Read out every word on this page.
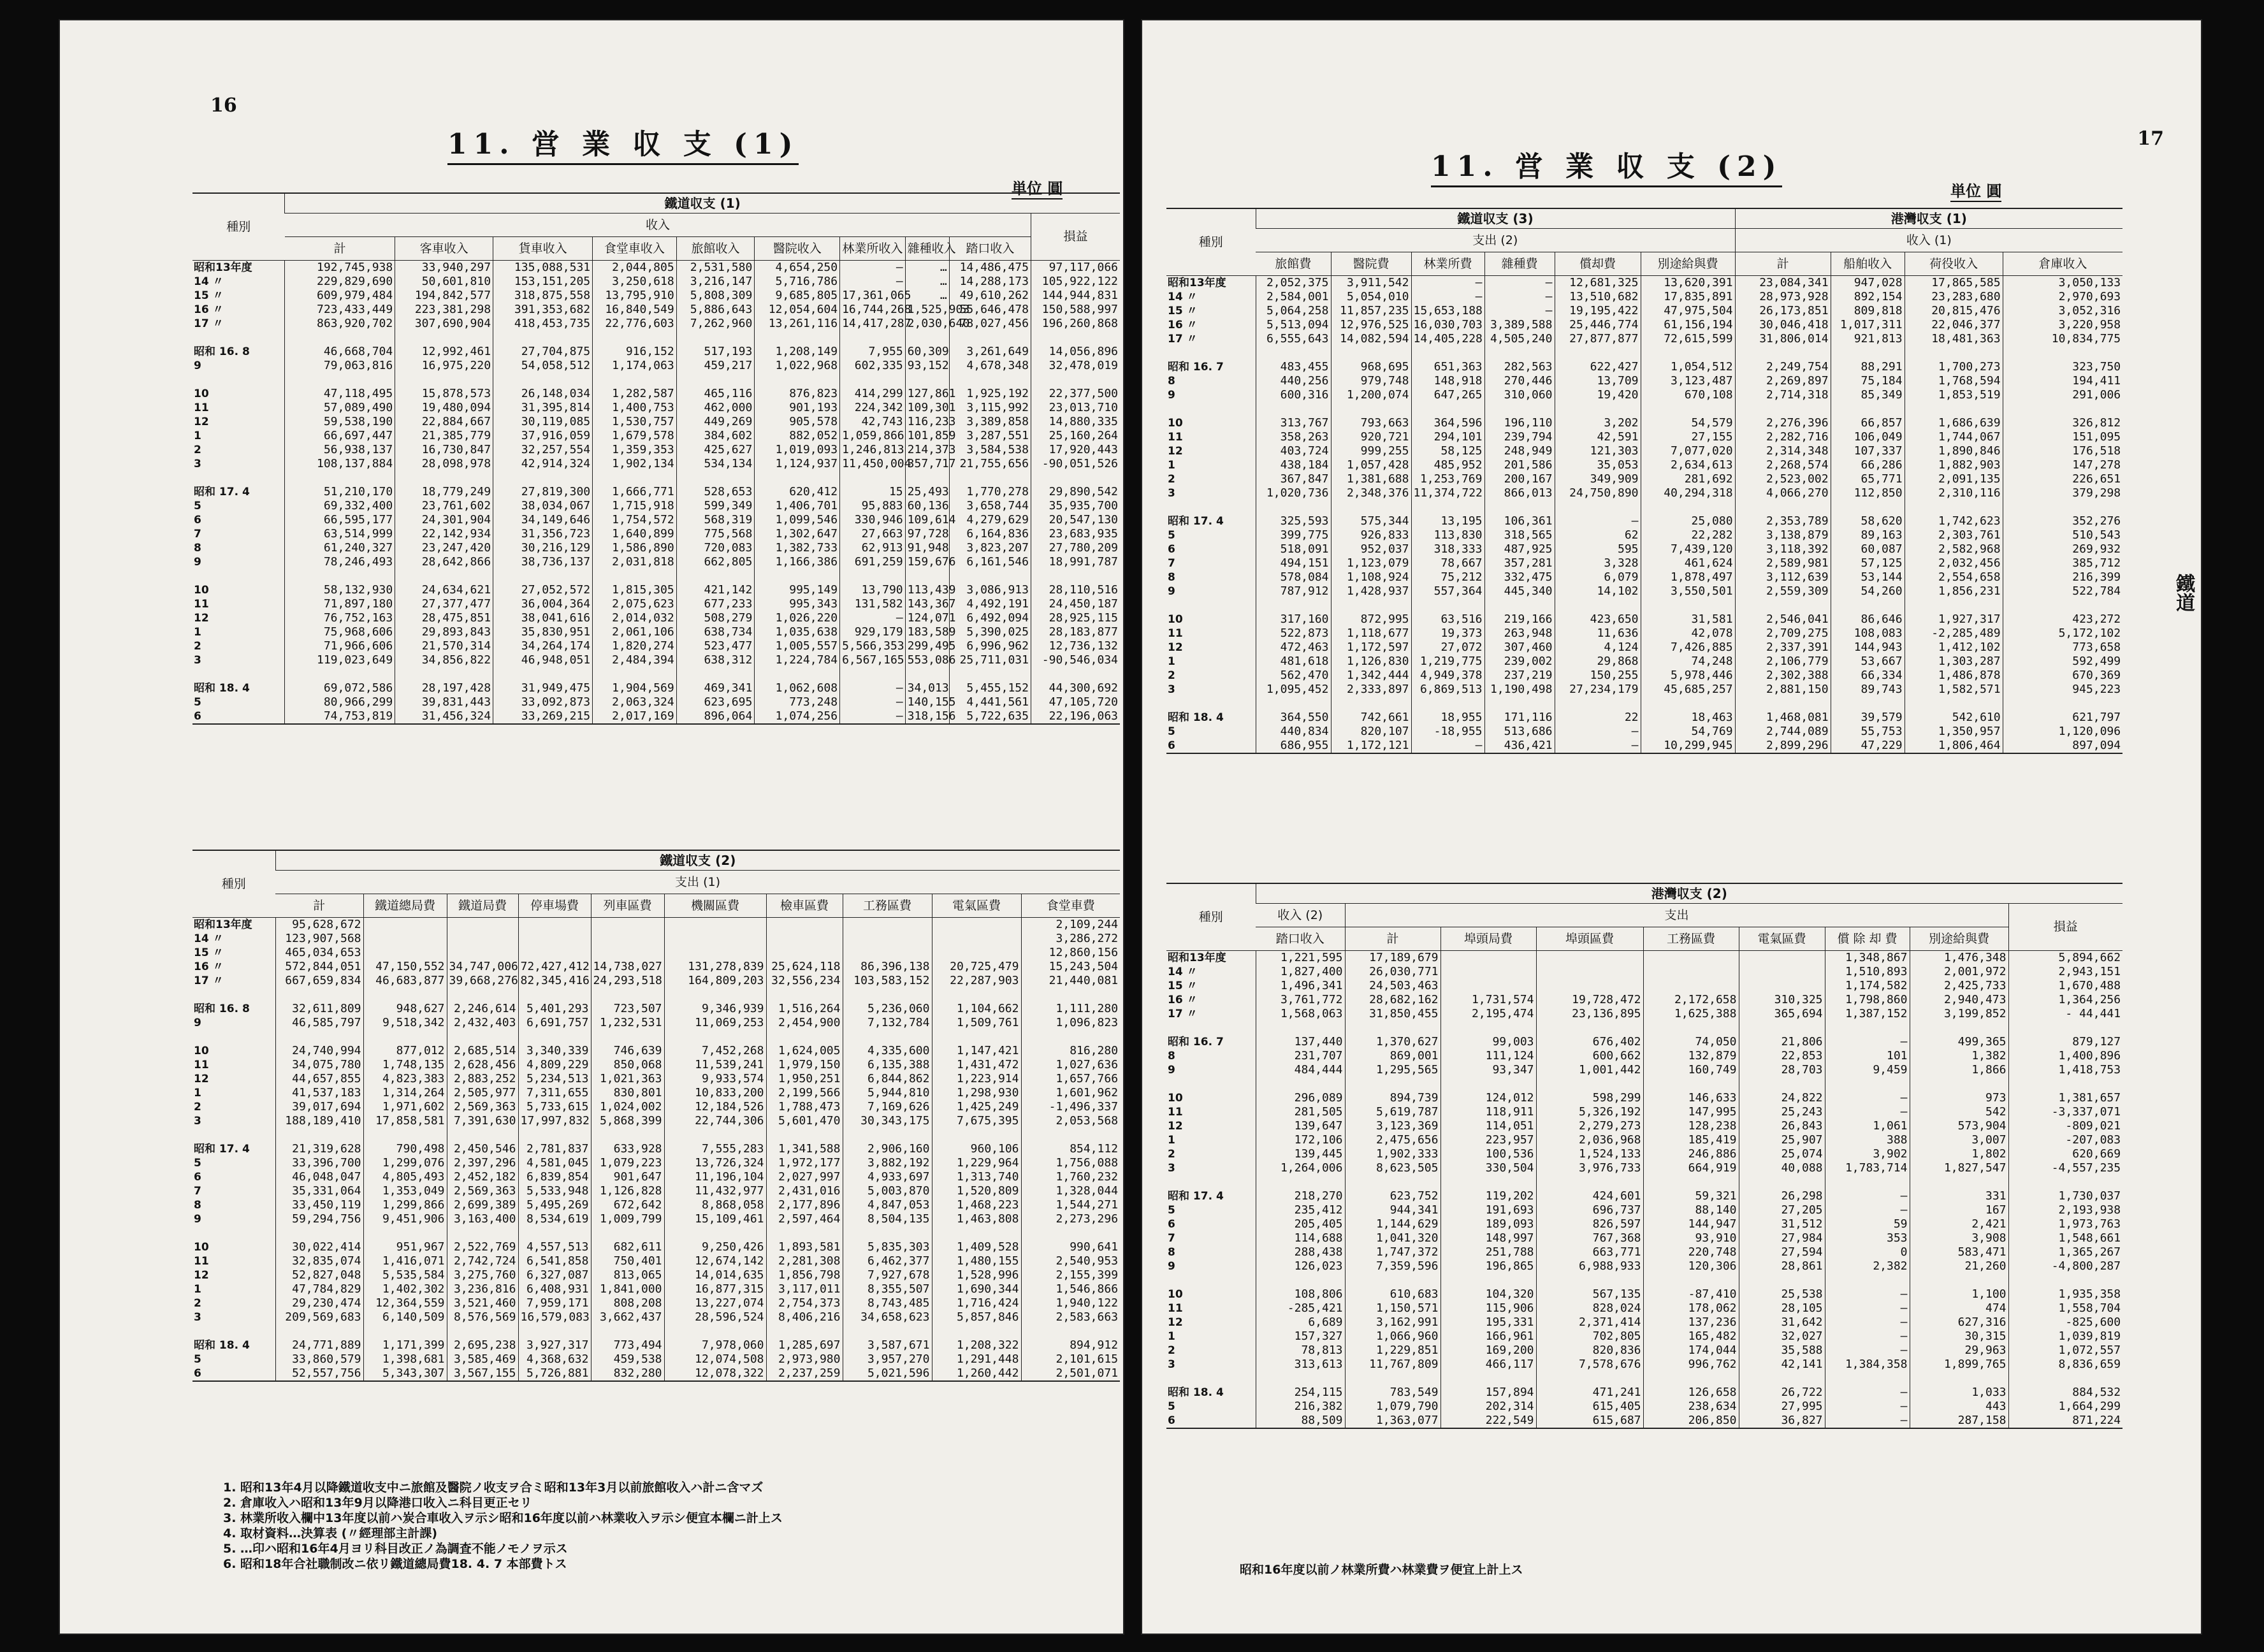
16
11. 営 業 収 支 (1)
単位 圓
種別	鐵道収支 (1)									
	收入									損益
	計	客車收入	貨車收入	食堂車收入	旅館收入	醫院收入	林業所收入	雜種收入	踏口收入	
昭和13年度	192,745,938	33,940,297	135,088,531	2,044,805	2,531,580	4,654,250	—	…	14,486,475	97,117,066
14 〃	229,829,690	50,601,810	153,151,205	3,250,618	3,216,147	5,716,786	—	…	14,288,173	105,922,122
15 〃	609,979,484	194,842,577	318,875,558	13,795,910	5,808,309	9,685,805	17,361,065	…	49,610,262	144,944,831
16 〃	723,433,449	223,381,298	391,353,682	16,840,549	5,886,643	12,054,604	16,744,268	1,525,903	55,646,478	150,588,997
17 〃	863,920,702	307,690,904	418,453,735	22,776,603	7,262,960	13,261,116	14,417,287	2,030,640	78,027,456	196,260,868

昭和 16. 8	46,668,704	12,992,461	27,704,875	916,152	517,193	1,208,149	7,955	60,309	3,261,649	14,056,896
9	79,063,816	16,975,220	54,058,512	1,174,063	459,217	1,022,968	602,335	93,152	4,678,348	32,478,019

10	47,118,495	15,878,573	26,148,034	1,282,587	465,116	876,823	414,299	127,861	1,925,192	22,377,500
11	57,089,490	19,480,094	31,395,814	1,400,753	462,000	901,193	224,342	109,301	3,115,992	23,013,710
12	59,538,190	22,884,667	30,119,085	1,530,757	449,269	905,578	42,743	116,233	3,389,858	14,880,335
1	66,697,447	21,385,779	37,916,059	1,679,578	384,602	882,052	1,059,866	101,859	3,287,551	25,160,264
2	56,938,137	16,730,847	32,257,554	1,359,353	425,627	1,019,093	1,246,813	214,373	3,584,538	17,920,443
3	108,137,884	28,098,978	42,914,324	1,902,134	534,134	1,124,937	11,450,004	357,717	21,755,656	-90,051,526

昭和 17. 4	51,210,170	18,779,249	27,819,300	1,666,771	528,653	620,412	15	25,493	1,770,278	29,890,542
5	69,332,400	23,761,602	38,034,067	1,715,918	599,349	1,406,701	95,883	60,136	3,658,744	35,935,700
6	66,595,177	24,301,904	34,149,646	1,754,572	568,319	1,099,546	330,946	109,614	4,279,629	20,547,130
7	63,514,999	22,142,934	31,356,723	1,640,899	775,568	1,302,647	27,663	97,728	6,164,836	23,683,935
8	61,240,327	23,247,420	30,216,129	1,586,890	720,083	1,382,733	62,913	91,948	3,823,207	27,780,209
9	78,246,493	28,642,866	38,736,137	2,031,818	662,805	1,166,386	691,259	159,676	6,161,546	18,991,787

10	58,132,930	24,634,621	27,052,572	1,815,305	421,142	995,149	13,790	113,439	3,086,913	28,110,516
11	71,897,180	27,377,477	36,004,364	2,075,623	677,233	995,343	131,582	143,367	4,492,191	24,450,187
12	76,752,163	28,475,851	38,041,616	2,014,032	508,279	1,026,220	—	124,071	6,492,094	28,925,115
1	75,968,606	29,893,843	35,830,951	2,061,106	638,734	1,035,638	929,179	183,589	5,390,025	28,183,877
2	71,966,606	21,570,314	34,264,174	1,820,274	523,477	1,005,557	5,566,353	299,495	6,996,962	12,736,132
3	119,023,649	34,856,822	46,948,051	2,484,394	638,312	1,224,784	6,567,165	553,086	25,711,031	-90,546,034

昭和 18. 4	69,072,586	28,197,428	31,949,475	1,904,569	469,341	1,062,608	—	34,013	5,455,152	44,300,692
5	80,966,299	39,831,443	33,092,873	2,063,324	623,695	773,248	—	140,155	4,441,561	47,105,720
6	74,753,819	31,456,324	33,269,215	2,017,169	896,064	1,074,256	—	318,156	5,722,635	22,196,063
種別	鐵道収支 (2)									
	支出 (1)									
	計	鐵道總局費	鐵道局費	停車場費	列車區費	機關區費	檢車區費	工務區費	電氣區費	食堂車費
昭和13年度	95,628,672									2,109,244
14 〃	123,907,568									3,286,272
15 〃	465,034,653									12,860,156
16 〃	572,844,051	47,150,552	34,747,006	72,427,412	14,738,027	131,278,839	25,624,118	86,396,138	20,725,479	15,243,504
17 〃	667,659,834	46,683,877	39,668,276	82,345,416	24,293,518	164,809,203	32,556,234	103,583,152	22,287,903	21,440,081

昭和 16. 8	32,611,809	948,627	2,246,614	5,401,293	723,507	9,346,939	1,516,264	5,236,060	1,104,662	1,111,280
9	46,585,797	9,518,342	2,432,403	6,691,757	1,232,531	11,069,253	2,454,900	7,132,784	1,509,761	1,096,823

10	24,740,994	877,012	2,685,514	3,340,339	746,639	7,452,268	1,624,005	4,335,600	1,147,421	816,280
11	34,075,780	1,748,135	2,628,456	4,809,229	850,068	11,539,241	1,979,150	6,135,388	1,431,472	1,027,636
12	44,657,855	4,823,383	2,883,252	5,234,513	1,021,363	9,933,574	1,950,251	6,844,862	1,223,914	1,657,766
1	41,537,183	1,314,264	2,505,977	7,311,655	830,801	10,833,200	2,199,566	5,944,810	1,298,930	1,601,962
2	39,017,694	1,971,602	2,569,363	5,733,615	1,024,002	12,184,526	1,788,473	7,169,626	1,425,249	-1,496,337
3	188,189,410	17,858,581	7,391,630	17,997,832	5,868,399	22,744,306	5,601,470	30,343,175	7,675,395	2,053,568

昭和 17. 4	21,319,628	790,498	2,450,546	2,781,837	633,928	7,555,283	1,341,588	2,906,160	960,106	854,112
5	33,396,700	1,299,076	2,397,296	4,581,045	1,079,223	13,726,324	1,972,177	3,882,192	1,229,964	1,756,088
6	46,048,047	4,805,493	2,452,182	6,839,854	901,647	11,196,104	2,027,997	4,933,697	1,313,740	1,760,232
7	35,331,064	1,353,049	2,569,363	5,533,948	1,126,828	11,432,977	2,431,016	5,003,870	1,520,809	1,328,044
8	33,450,119	1,299,866	2,699,389	5,495,269	672,642	8,868,058	2,177,896	4,847,053	1,468,223	1,544,271
9	59,294,756	9,451,906	3,163,400	8,534,619	1,009,799	15,109,461	2,597,464	8,504,135	1,463,808	2,273,296

10	30,022,414	951,967	2,522,769	4,557,513	682,611	9,250,426	1,893,581	5,835,303	1,409,528	990,641
11	32,835,074	1,416,071	2,742,724	6,541,858	750,401	12,674,142	2,281,308	6,462,377	1,480,155	2,540,953
12	52,827,048	5,535,584	3,275,760	6,327,087	813,065	14,014,635	1,856,798	7,927,678	1,528,996	2,155,399
1	47,784,829	1,402,302	3,236,816	6,408,931	1,841,000	16,877,315	3,117,011	8,355,507	1,690,344	1,546,866
2	29,230,474	12,364,559	3,521,460	7,959,171	808,208	13,227,074	2,754,373	8,743,485	1,716,424	1,940,122
3	209,569,683	6,140,509	8,576,569	16,579,083	3,662,437	28,596,524	8,406,216	34,658,623	5,857,846	2,583,663

昭和 18. 4	24,771,889	1,171,399	2,695,238	3,927,317	773,494	7,978,060	1,285,697	3,587,671	1,208,322	894,912
5	33,860,579	1,398,681	3,585,469	4,368,632	459,538	12,074,508	2,973,980	3,957,270	1,291,448	2,101,615
6	52,557,756	5,343,307	3,567,155	5,726,881	832,280	12,078,322	2,237,259	5,021,596	1,260,442	2,501,071
1. 昭和13年4月以降鐵道收支中ニ旅館及醫院ノ收支ヲ合ミ昭和13年3月以前旅館收入ハ計ニ含マズ
2. 倉庫收入ハ昭和13年9月以降港口收入ニ科目更正セリ
3. 林業所收入欄中13年度以前ハ炭合車收入ヲ示シ昭和16年度以前ハ林業收入ヲ示シ便宜本欄ニ計上ス
4. 取材資料…決算表 (〃經理部主計課)
5. …印ハ昭和16年4月ヨリ科目改正ノ為調査不能ノモノヲ示ス
6. 昭和18年合社職制改ニ依リ鐵道總局費18. 4. 7 本部費トス
17
11. 営 業 収 支 (2)
単位 圓
鐵道
種別	鐵道収支 (3)						港灣収支 (1)			
	支出 (2)						收入 (1)			
	旅館費	醫院費	林業所費	雜種費	償却費	別途給與費	計	船舶收入	荷役收入	倉庫收入
昭和13年度	2,052,375	3,911,542	—	—	12,681,325	13,620,391	23,084,341	947,028	17,865,585	3,050,133
14 〃	2,584,001	5,054,010	—	—	13,510,682	17,835,891	28,973,928	892,154	23,283,680	2,970,693
15 〃	5,064,258	11,857,235	15,653,188	—	19,195,422	47,975,504	26,173,851	809,818	20,815,476	3,052,316
16 〃	5,513,094	12,976,525	16,030,703	3,389,588	25,446,774	61,156,194	30,046,418	1,017,311	22,046,377	3,220,958
17 〃	6,555,643	14,082,594	14,405,228	4,505,240	27,877,877	72,615,599	31,806,014	921,813	18,481,363	10,834,775

昭和 16. 7	483,455	968,695	651,363	282,563	622,427	1,054,512	2,249,754	88,291	1,700,273	323,750
8	440,256	979,748	148,918	270,446	13,709	3,123,487	2,269,897	75,184	1,768,594	194,411
9	600,316	1,200,074	647,265	310,060	19,420	670,108	2,714,318	85,349	1,853,519	291,006

10	313,767	793,663	364,596	196,110	3,202	54,579	2,276,396	66,857	1,686,639	326,812
11	358,263	920,721	294,101	239,794	42,591	27,155	2,282,716	106,049	1,744,067	151,095
12	403,724	999,255	58,125	248,949	121,303	7,077,020	2,314,348	107,337	1,890,846	176,518
1	438,184	1,057,428	485,952	201,586	35,053	2,634,613	2,268,574	66,286	1,882,903	147,278
2	367,847	1,381,688	1,253,769	200,167	349,909	281,692	2,523,002	65,771	2,091,135	226,651
3	1,020,736	2,348,376	11,374,722	866,013	24,750,890	40,294,318	4,066,270	112,850	2,310,116	379,298

昭和 17. 4	325,593	575,344	13,195	106,361	—	25,080	2,353,789	58,620	1,742,623	352,276
5	399,775	926,833	113,830	318,565	62	22,282	3,138,879	89,163	2,303,761	510,543
6	518,091	952,037	318,333	487,925	595	7,439,120	3,118,392	60,087	2,582,968	269,932
7	494,151	1,123,079	78,667	357,281	3,328	461,624	2,589,981	57,125	2,032,456	385,712
8	578,084	1,108,924	75,212	332,475	6,079	1,878,497	3,112,639	53,144	2,554,658	216,399
9	787,912	1,428,937	557,364	445,340	14,102	3,550,501	2,559,309	54,260	1,856,231	522,784

10	317,160	872,995	63,516	219,166	423,650	31,581	2,546,041	86,646	1,927,317	423,272
11	522,873	1,118,677	19,373	263,948	11,636	42,078	2,709,275	108,083	-2,285,489	5,172,102
12	472,463	1,172,597	27,072	307,460	4,124	7,426,885	2,337,391	144,943	1,412,102	773,658
1	481,618	1,126,830	1,219,775	239,002	29,868	74,248	2,106,779	53,667	1,303,287	592,499
2	562,470	1,342,444	4,949,378	237,219	150,255	5,978,446	2,302,388	66,334	1,486,878	670,369
3	1,095,452	2,333,897	6,869,513	1,190,498	27,234,179	45,685,257	2,881,150	89,743	1,582,571	945,223

昭和 18. 4	364,550	742,661	18,955	171,116	22	18,463	1,468,081	39,579	542,610	621,797
5	440,834	820,107	-18,955	513,686	—	54,769	2,744,089	55,753	1,350,957	1,120,096
6	686,955	1,172,121	—	436,421	—	10,299,945	2,899,296	47,229	1,806,464	897,094
種別	港灣収支 (2)								
	收入 (2)	支出							損益
	踏口收入	計	埠頭局費	埠頭區費	工務區費	電氣區費	償 除 却 費	別途給與費	
昭和13年度	1,221,595	17,189,679					1,348,867	1,476,348	5,894,662
14 〃	1,827,400	26,030,771					1,510,893	2,001,972	2,943,151
15 〃	1,496,341	24,503,463					1,174,582	2,425,733	1,670,488
16 〃	3,761,772	28,682,162	1,731,574	19,728,472	2,172,658	310,325	1,798,860	2,940,473	1,364,256
17 〃	1,568,063	31,850,455	2,195,474	23,136,895	1,625,388	365,694	1,387,152	3,199,852	- 44,441

昭和 16. 7	137,440	1,370,627	99,003	676,402	74,050	21,806	—	499,365	879,127
8	231,707	869,001	111,124	600,662	132,879	22,853	101	1,382	1,400,896
9	484,444	1,295,565	93,347	1,001,442	160,749	28,703	9,459	1,866	1,418,753

10	296,089	894,739	124,012	598,299	146,633	24,822	—	973	1,381,657
11	281,505	5,619,787	118,911	5,326,192	147,995	25,243	—	542	-3,337,071
12	139,647	3,123,369	114,051	2,279,273	128,238	26,843	1,061	573,904	-809,021
1	172,106	2,475,656	223,957	2,036,968	185,419	25,907	388	3,007	-207,083
2	139,445	1,902,333	100,536	1,524,133	246,886	25,074	3,902	1,802	620,669
3	1,264,006	8,623,505	330,504	3,976,733	664,919	40,088	1,783,714	1,827,547	-4,557,235

昭和 17. 4	218,270	623,752	119,202	424,601	59,321	26,298	—	331	1,730,037
5	235,412	944,341	191,693	696,737	88,140	27,205	—	167	2,193,938
6	205,405	1,144,629	189,093	826,597	144,947	31,512	59	2,421	1,973,763
7	114,688	1,041,320	148,997	767,368	93,910	27,984	353	3,908	1,548,661
8	288,438	1,747,372	251,788	663,771	220,748	27,594	0	583,471	1,365,267
9	126,023	7,359,596	196,865	6,988,933	120,306	28,861	2,382	21,260	-4,800,287

10	108,806	610,683	104,320	567,135	-87,410	25,538	—	1,100	1,935,358
11	-285,421	1,150,571	115,906	828,024	178,062	28,105	—	474	1,558,704
12	6,689	3,162,991	195,331	2,371,414	137,236	31,642	—	627,316	-825,600
1	157,327	1,066,960	166,961	702,805	165,482	32,027	—	30,315	1,039,819
2	78,813	1,229,851	169,200	820,836	174,044	35,588	—	29,963	1,072,557
3	313,613	11,767,809	466,117	7,578,676	996,762	42,141	1,384,358	1,899,765	8,836,659

昭和 18. 4	254,115	783,549	157,894	471,241	126,658	26,722	—	1,033	884,532
5	216,382	1,079,790	202,314	615,405	238,634	27,995	—	443	1,664,299
6	88,509	1,363,077	222,549	615,687	206,850	36,827	—	287,158	871,224
昭和16年度以前ノ林業所費ハ林業費ヲ便宜上計上ス
